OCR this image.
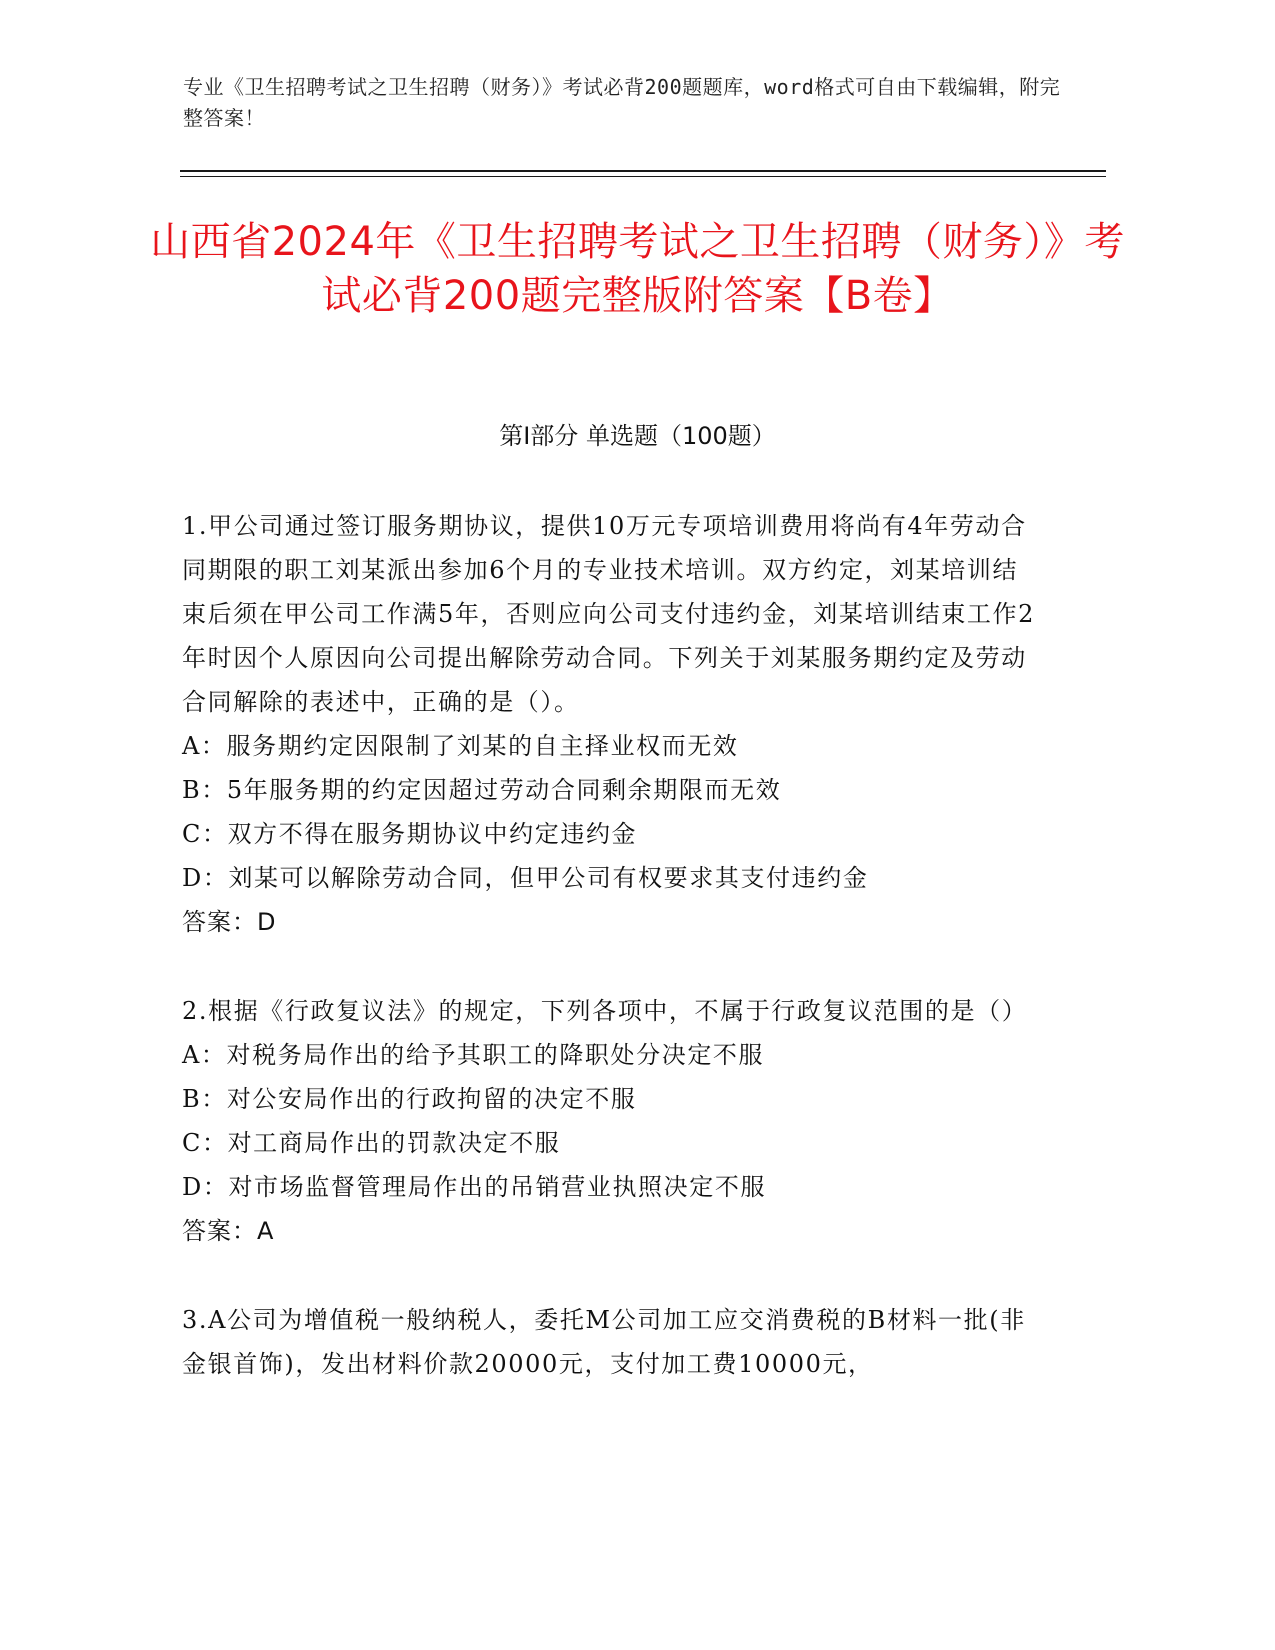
专业《卫生招聘考试之卫生招聘（财务）》考试必背200题题库，word格式可自由下载编辑，附完整答案！
山西省2024年《卫生招聘考试之卫生招聘（财务）》考试必背200题完整版附答案【B卷】
第Ⅰ部分 单选题（100题）

1.甲公司通过签订服务期协议，提供10万元专项培训费用将尚有4年劳动合同期限的职工刘某派出参加6个月的专业技术培训。双方约定，刘某培训结束后须在甲公司工作满5年，否则应向公司支付违约金，刘某培训结束工作2年时因个人原因向公司提出解除劳动合同。下列关于刘某服务期约定及劳动合同解除的表述中，正确的是（）。

A：服务期约定因限制了刘某的自主择业权而无效

B：5年服务期的约定因超过劳动合同剩余期限而无效

C：双方不得在服务期协议中约定违约金

D：刘某可以解除劳动合同，但甲公司有权要求其支付违约金

答案：D

2.根据《行政复议法》的规定，下列各项中，不属于行政复议范围的是（）

A：对税务局作出的给予其职工的降职处分决定不服

B：对公安局作出的行政拘留的决定不服

C：对工商局作出的罚款决定不服

D：对市场监督管理局作出的吊销营业执照决定不服

答案：A

3.A公司为增值税一般纳税人，委托M公司加工应交消费税的B材料一批(非金银首饰)，发出材料价款20000元，支付加工费10000元，
